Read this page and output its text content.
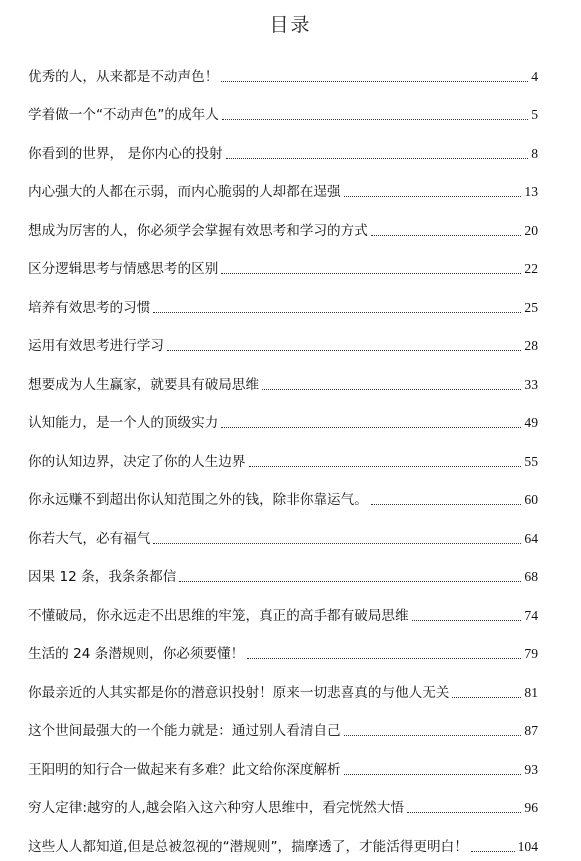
目录
优秀的人，从来都是不动声色！	4
学着做一个“不动声色”的成年人	5
你看到的世界， 是你内心的投射	8
内心强大的人都在示弱，而内心脆弱的人却都在逞强	13
想成为厉害的人，你必须学会掌握有效思考和学习的方式	20
区分逻辑思考与情感思考的区别	22
培养有效思考的习惯	25
运用有效思考进行学习	28
想要成为人生赢家，就要具有破局思维	33
认知能力，是一个人的顶级实力	49
你的认知边界，决定了你的人生边界	55
你永远赚不到超出你认知范围之外的钱，除非你靠运气。	60
你若大气，必有福气	64
因果 12 条，我条条都信	68
不懂破局，你永远走不出思维的牢笼，真正的高手都有破局思维	74
生活的 24 条潜规则，你必须要懂！	79
你最亲近的人其实都是你的潜意识投射！原来一切悲喜真的与他人无关	81
这个世间最强大的一个能力就是：通过别人看清自己	87
王阳明的知行合一做起来有多难？此文给你深度解析	93
穷人定律:越穷的人,越会陷入这六种穷人思维中，看完恍然大悟	96
这些人人都知道,但是总被忽视的“潜规则”，揣摩透了，才能活得更明白！	104
